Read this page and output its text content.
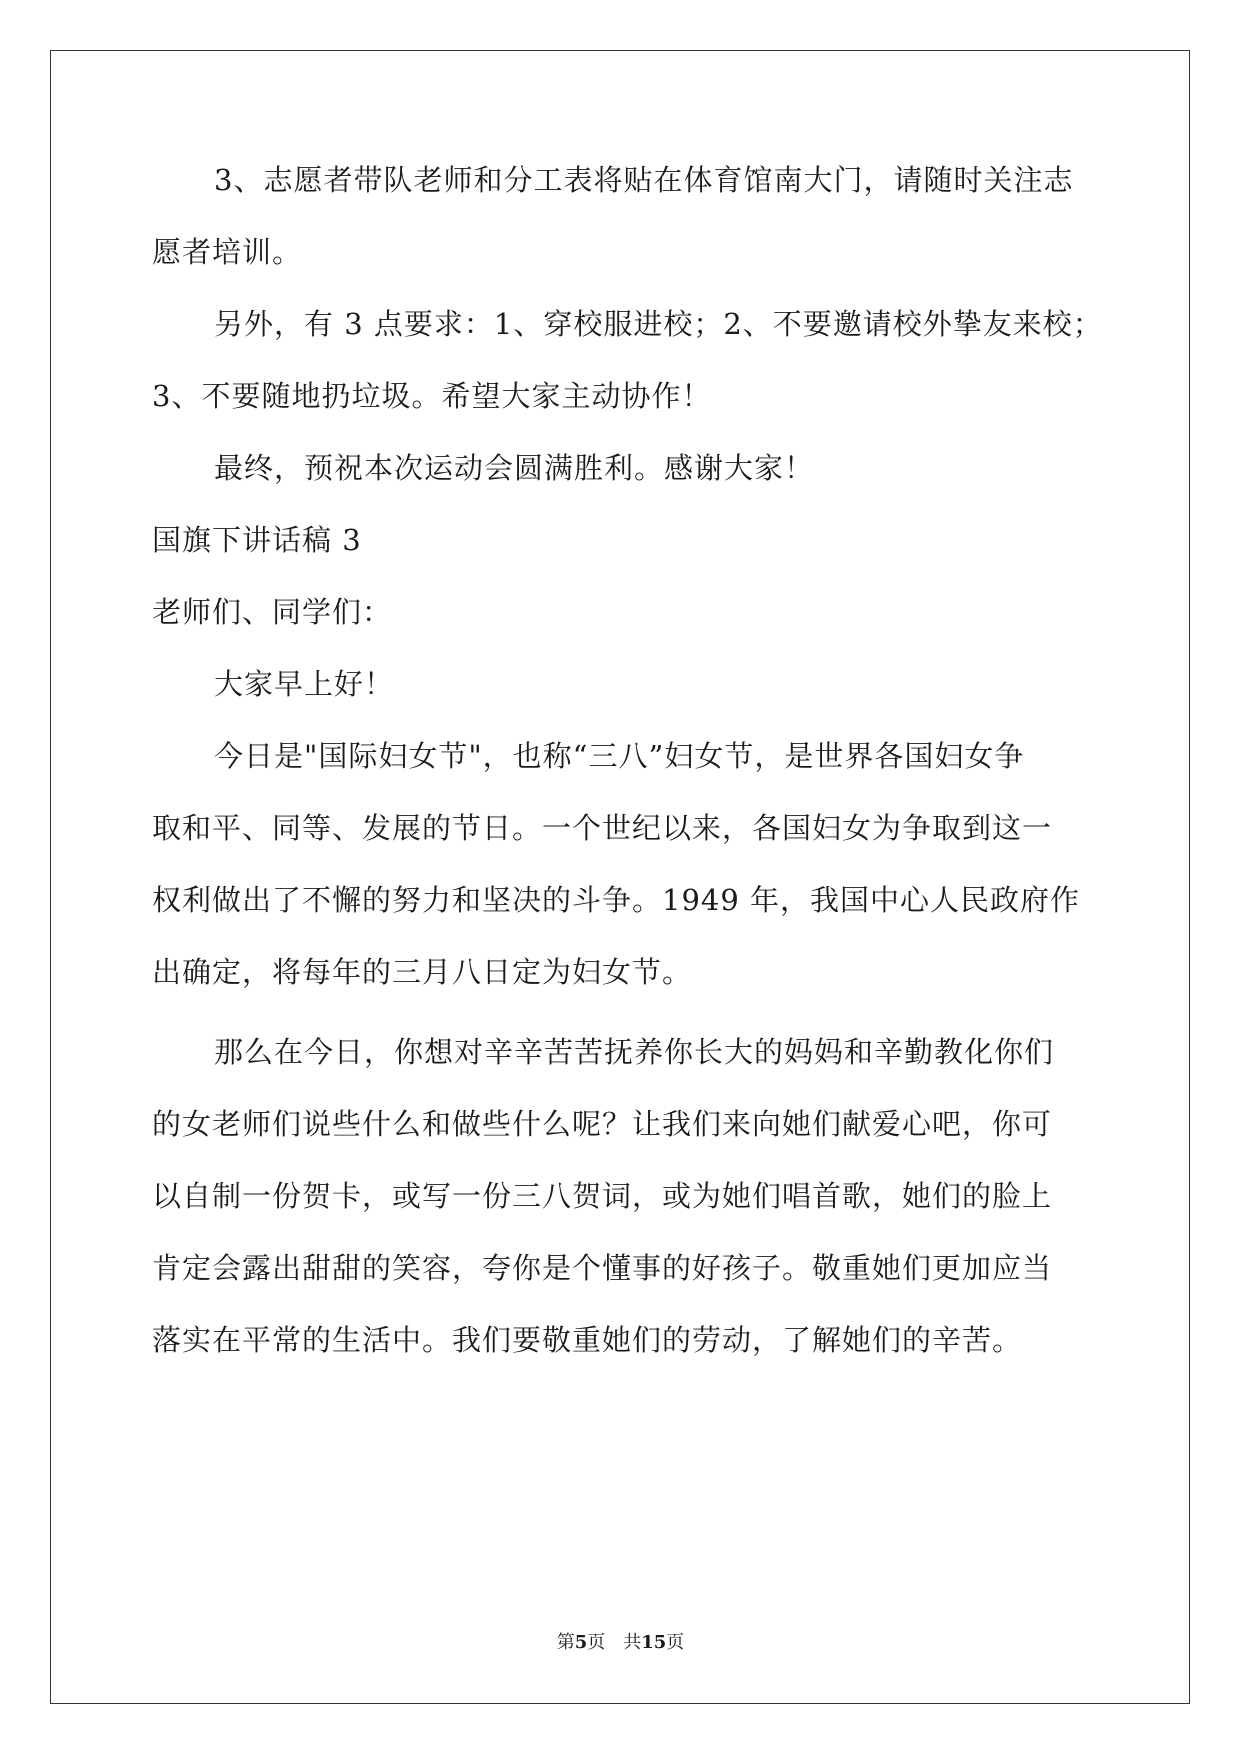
3、志愿者带队老师和分工表将贴在体育馆南大门，请随时关注志
愿者培训。
另外，有 3 点要求：1、穿校服进校；2、不要邀请校外挚友来校；
3、不要随地扔垃圾。希望大家主动协作！
最终，预祝本次运动会圆满胜利。感谢大家！
国旗下讲话稿 3
老师们、同学们：
大家早上好！
今日是"国际妇女节"，也称“三八”妇女节，是世界各国妇女争
取和平、同等、发展的节日。一个世纪以来，各国妇女为争取到这一
权利做出了不懈的努力和坚决的斗争。1949 年，我国中心人民政府作
出确定，将每年的三月八日定为妇女节。
那么在今日，你想对辛辛苦苦抚养你长大的妈妈和辛勤教化你们
的女老师们说些什么和做些什么呢？让我们来向她们献爱心吧，你可
以自制一份贺卡，或写一份三八贺词，或为她们唱首歌，她们的脸上
肯定会露出甜甜的笑容，夸你是个懂事的好孩子。敬重她们更加应当
落实在平常的生活中。我们要敬重她们的劳动，了解她们的辛苦。
第5页 共15页
